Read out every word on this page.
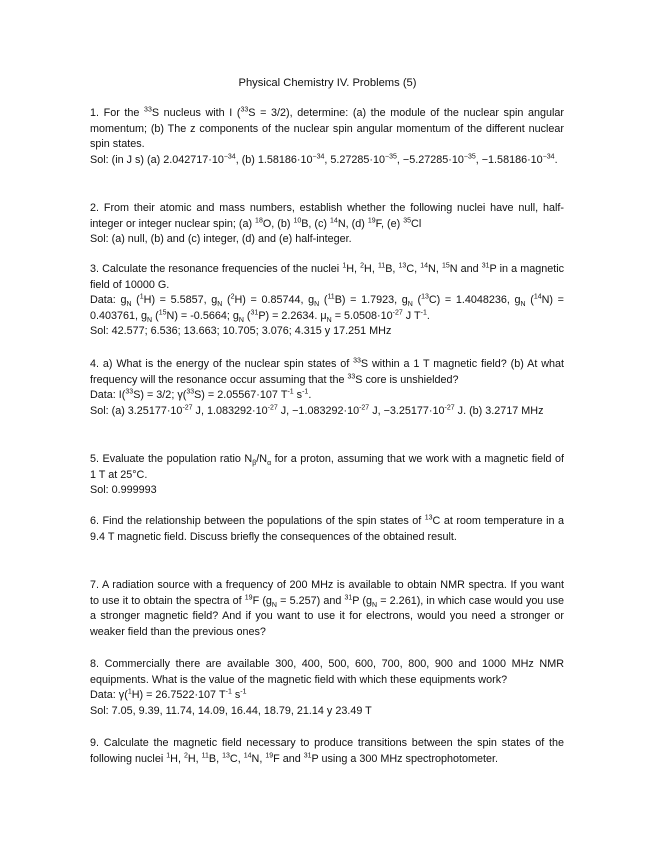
Physical Chemistry IV. Problems (5)

1. For the $^{33}$S nucleus with I ($^{33}$S = 3/2), determine: (a) the module of the nuclear spin angular momentum; (b) The z components of the nuclear spin angular momentum of the different nuclear spin states.

Sol: (in J s) (a) $2.042717\cdot 10^{-34}$, (b) $1.58186\cdot 10^{-34}$, $5.27285\cdot 10^{-35}$, $-5.27285\cdot 10^{-35}$, $-1.58186\cdot 10^{-34}$.

2. From their atomic and mass numbers, establish whether the following nuclei have null, half-integer or integer nuclear spin; (a) $^{18}$O, (b) $^{10}$B, (c) $^{14}$N, (d) $^{19}$F, (e) $^{35}$Cl

Sol: (a) null, (b) and (c) integer, (d) and (e) half-integer.

3. Calculate the resonance frequencies of the nuclei $^1$H, $^2$H, $^{11}$B, $^{13}$C, $^{14}$N, $^{15}$N and $^{31}$P in a magnetic field of 10000 G.

Data: $g_N$ ($^1$H) = 5.5857, $g_N$ ($^2$H) = 0.85744, $g_N$ ($^{11}$B) = 1.7923, $g_N$ ($^{13}$C) = 1.4048236, $g_N$ ($^{14}$N) = 0.403761, $g_N$ ($^{15}$N) = -0.5664; $g_N$ ($^{31}$P) = 2.2634. $\mu_N = 5.0508\cdot 10^{-27}$ J $T^{-1}$.

Sol: 42.577; 6.536; 13.663; 10.705; 3.076; 4.315 y 17.251 MHz

4. a) What is the energy of the nuclear spin states of $^{33}$S within a 1 T magnetic field? (b) At what frequency will the resonance occur assuming that the $^{33}$S core is unshielded?

Data: I($^{33}$S) = 3/2; γ($^{33}$S) = 2.05567·107 $T^{-1}$ $s^{-1}$.

Sol: (a) $3.25177\cdot 10^{-27}$ J, $1.083292\cdot 10^{-27}$ J, $-1.083292\cdot 10^{-27}$ J, $-3.25177\cdot 10^{-27}$ J. (b) 3.2717 MHz

5. Evaluate the population ratio $N_\beta/N_\alpha$ for a proton, assuming that we work with a magnetic field of 1 T at 25°C.

Sol: 0.999993

6. Find the relationship between the populations of the spin states of $^{13}$C at room temperature in a 9.4 T magnetic field. Discuss briefly the consequences of the obtained result.

7. A radiation source with a frequency of 200 MHz is available to obtain NMR spectra. If you want to use it to obtain the spectra of $^{19}$F $(g_N = 5.257)$ and $^{31}$P $(g_N = 2.261)$, in which case would you use a stronger magnetic field? And if you want to use it for electrons, would you need a stronger or weaker field than the previous ones?

8. Commercially there are available 300, 400, 500, 600, 700, 800, 900 and 1000 MHz NMR equipments. What is the value of the magnetic field with which these equipments work?

Data: γ($^1$H) = 26.7522·107 $T^{-1}$ $s^{-1}$

Sol: 7.05, 9.39, 11.74, 14.09, 16.44, 18.79, 21.14 y 23.49 T

9. Calculate the magnetic field necessary to produce transitions between the spin states of the following nuclei $^1$H, $^2$H, $^{11}$B, $^{13}$C, $^{14}$N, $^{19}$F and $^{31}$P using a 300 MHz spectrophotometer.
